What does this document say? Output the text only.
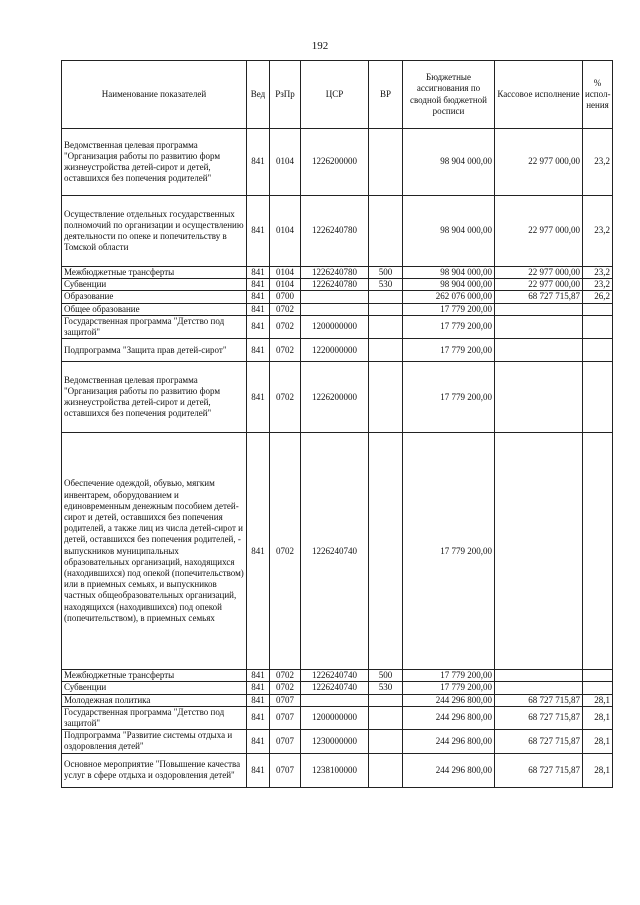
192
Наименование показателей	Вед	РзПр	ЦСР	ВР	Бюджетные ассигнования по сводной бюджетной росписи	Кассовое исполнение	% испол-нения
Ведомственная целевая программа "Организация работы по развитию форм жизнеустройства детей-сирот и детей, оставшихся без попечения родителей"	841	0104	1226200000		98 904 000,00	22 977 000,00	23,2
Осуществление отдельных государственных полномочий по организации и осуществлению деятельности по опеке и попечительству в Томской области	841	0104	1226240780		98 904 000,00	22 977 000,00	23,2
Межбюджетные трансферты	841	0104	1226240780	500	98 904 000,00	22 977 000,00	23,2
Субвенции	841	0104	1226240780	530	98 904 000,00	22 977 000,00	23,2
Образование	841	0700			262 076 000,00	68 727 715,87	26,2
Общее образование	841	0702			17 779 200,00		
Государственная программа "Детство под защитой"	841	0702	1200000000		17 779 200,00		
Подпрограмма "Защита прав детей-сирот"	841	0702	1220000000		17 779 200,00		
Ведомственная целевая программа "Организация работы по развитию форм жизнеустройства детей-сирот и детей, оставшихся без попечения родителей"	841	0702	1226200000		17 779 200,00		
Обеспечение одеждой, обувью, мягким инвентарем, оборудованием и единовременным денежным пособием детей-сирот и детей, оставшихся без попечения родителей, а также лиц из числа детей-сирот и детей, оставшихся без попечения родителей, - выпускников муниципальных образовательных организаций, находящихся (находившихся) под опекой (попечительством) или в приемных семьях, и выпускников частных общеобразовательных организаций, находящихся (находившихся) под опекой (попечительством), в приемных семьях	841	0702	1226240740		17 779 200,00		
Межбюджетные трансферты	841	0702	1226240740	500	17 779 200,00		
Субвенции	841	0702	1226240740	530	17 779 200,00		
Молодежная политика	841	0707			244 296 800,00	68 727 715,87	28,1
Государственная программа "Детство под защитой"	841	0707	1200000000		244 296 800,00	68 727 715,87	28,1
Подпрограмма "Развитие системы отдыха и оздоровления детей"	841	0707	1230000000		244 296 800,00	68 727 715,87	28,1
Основное мероприятие "Повышение качества услуг в сфере отдыха и оздоровления детей"	841	0707	1238100000		244 296 800,00	68 727 715,87	28,1
